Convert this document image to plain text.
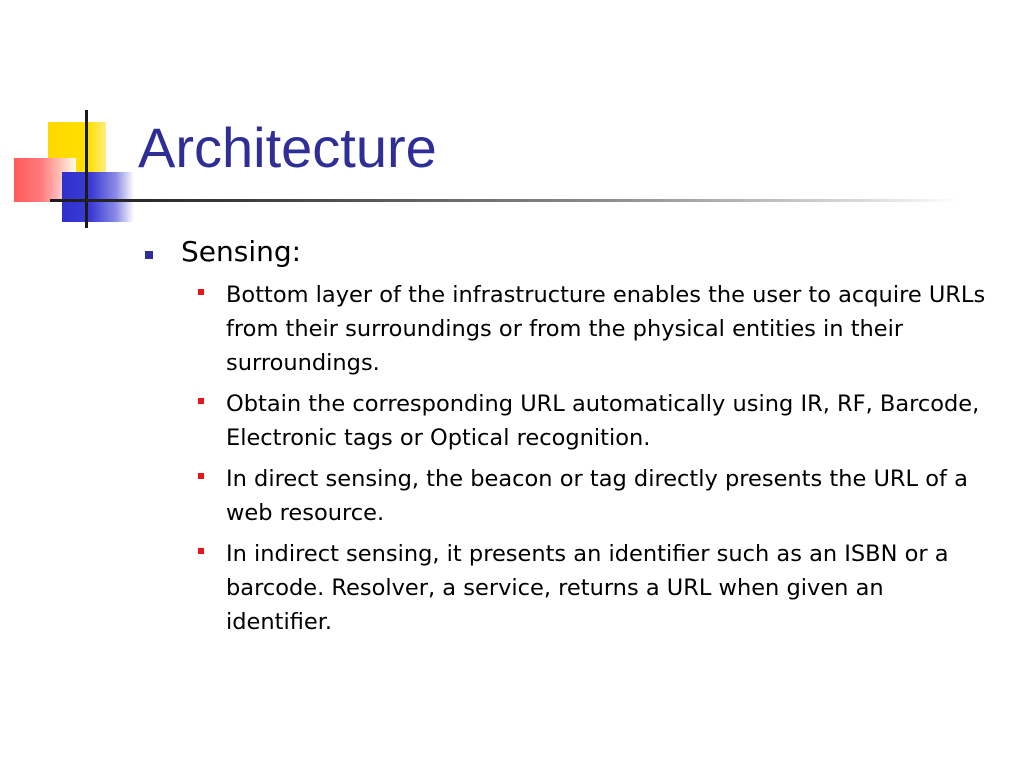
Architecture
Sensing:
Bottom layer of the infrastructure enables the user to acquire URLs from their surroundings or from the physical entities in their surroundings.
Obtain the corresponding URL automatically using IR, RF, Barcode, Electronic tags or Optical recognition.
In direct sensing, the beacon or tag directly presents the URL of a web resource.
In indirect sensing, it presents an identifier such as an ISBN or a barcode. Resolver, a service, returns a URL when given an identifier.
